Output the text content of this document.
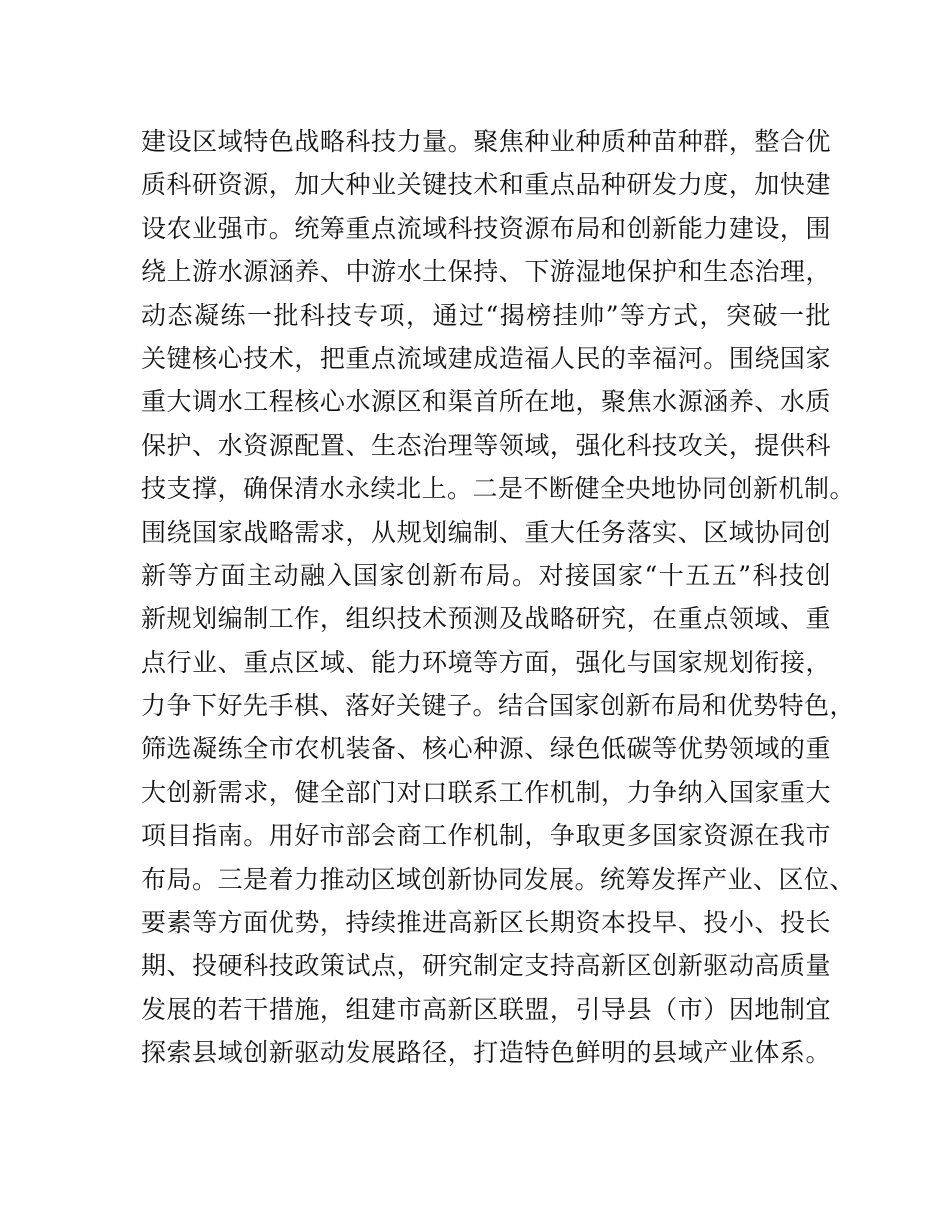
建设区域特色战略科技力量。聚焦种业种质种苗种群，整合优
质科研资源，加大种业关键技术和重点品种研发力度，加快建
设农业强市。统筹重点流域科技资源布局和创新能力建设，围
绕上游水源涵养、中游水土保持、下游湿地保护和生态治理，
动态凝练一批科技专项，通过“揭榜挂帅”等方式，突破一批
关键核心技术，把重点流域建成造福人民的幸福河。围绕国家
重大调水工程核心水源区和渠首所在地，聚焦水源涵养、水质
保护、水资源配置、生态治理等领域，强化科技攻关，提供科
技支撑，确保清水永续北上。二是不断健全央地协同创新机制。
围绕国家战略需求，从规划编制、重大任务落实、区域协同创
新等方面主动融入国家创新布局。对接国家“十五五”科技创
新规划编制工作，组织技术预测及战略研究，在重点领域、重
点行业、重点区域、能力环境等方面，强化与国家规划衔接，
力争下好先手棋、落好关键子。结合国家创新布局和优势特色，
筛选凝练全市农机装备、核心种源、绿色低碳等优势领域的重
大创新需求，健全部门对口联系工作机制，力争纳入国家重大
项目指南。用好市部会商工作机制，争取更多国家资源在我市
布局。三是着力推动区域创新协同发展。统筹发挥产业、区位、
要素等方面优势，持续推进高新区长期资本投早、投小、投长
期、投硬科技政策试点，研究制定支持高新区创新驱动高质量
发展的若干措施，组建市高新区联盟，引导县（市）因地制宜
探索县域创新驱动发展路径，打造特色鲜明的县域产业体系。
